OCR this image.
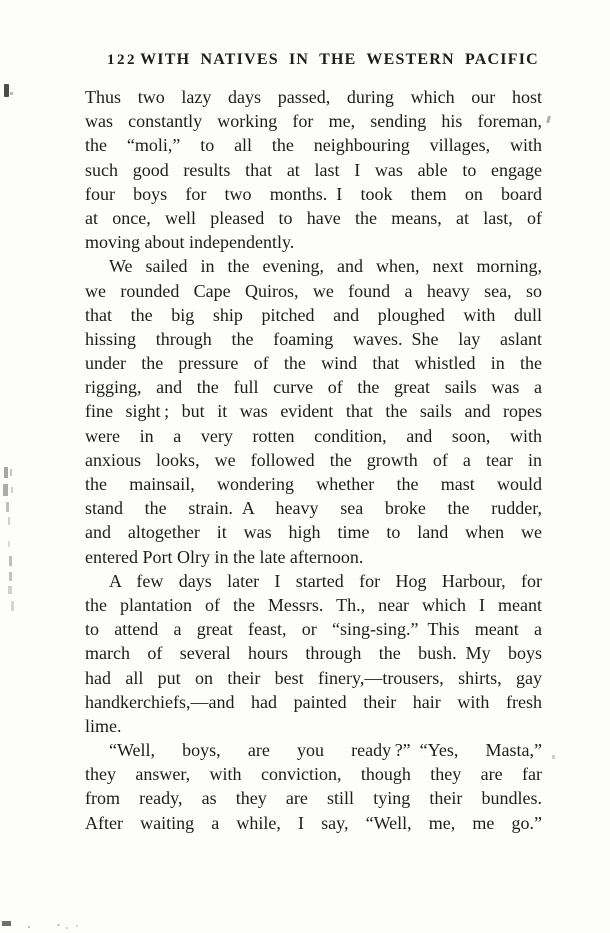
122 WITH NATIVES IN THE WESTERN PACIFIC
Thus two lazy days passed, during which our host
was constantly working for me, sending his foreman,
the “moli,” to all the neighbouring villages, with
such good results that at last I was able to engage
four boys for two months. I took them on board
at once, well pleased to have the means, at last, of
moving about independently.
We sailed in the evening, and when, next morning,
we rounded Cape Quiros, we found a heavy sea, so
that the big ship pitched and ploughed with dull
hissing through the foaming waves. She lay aslant
under the pressure of the wind that whistled in the
rigging, and the full curve of the great sails was a
fine sight ; but it was evident that the sails and ropes
were in a very rotten condition, and soon, with
anxious looks, we followed the growth of a tear in
the mainsail, wondering whether the mast would
stand the strain. A heavy sea broke the rudder,
and altogether it was high time to land when we
entered Port Olry in the late afternoon.
A few days later I started for Hog Harbour, for
the plantation of the Messrs. Th., near which I meant
to attend a great feast, or “sing-sing.” This meant a
march of several hours through the bush. My boys
had all put on their best finery,—trousers, shirts, gay
handkerchiefs,—and had painted their hair with fresh
lime.
“Well, boys, are you ready ?” “Yes, Masta,”
they answer, with conviction, though they are far
from ready, as they are still tying their bundles.
After waiting a while, I say, “Well, me, me go.”
